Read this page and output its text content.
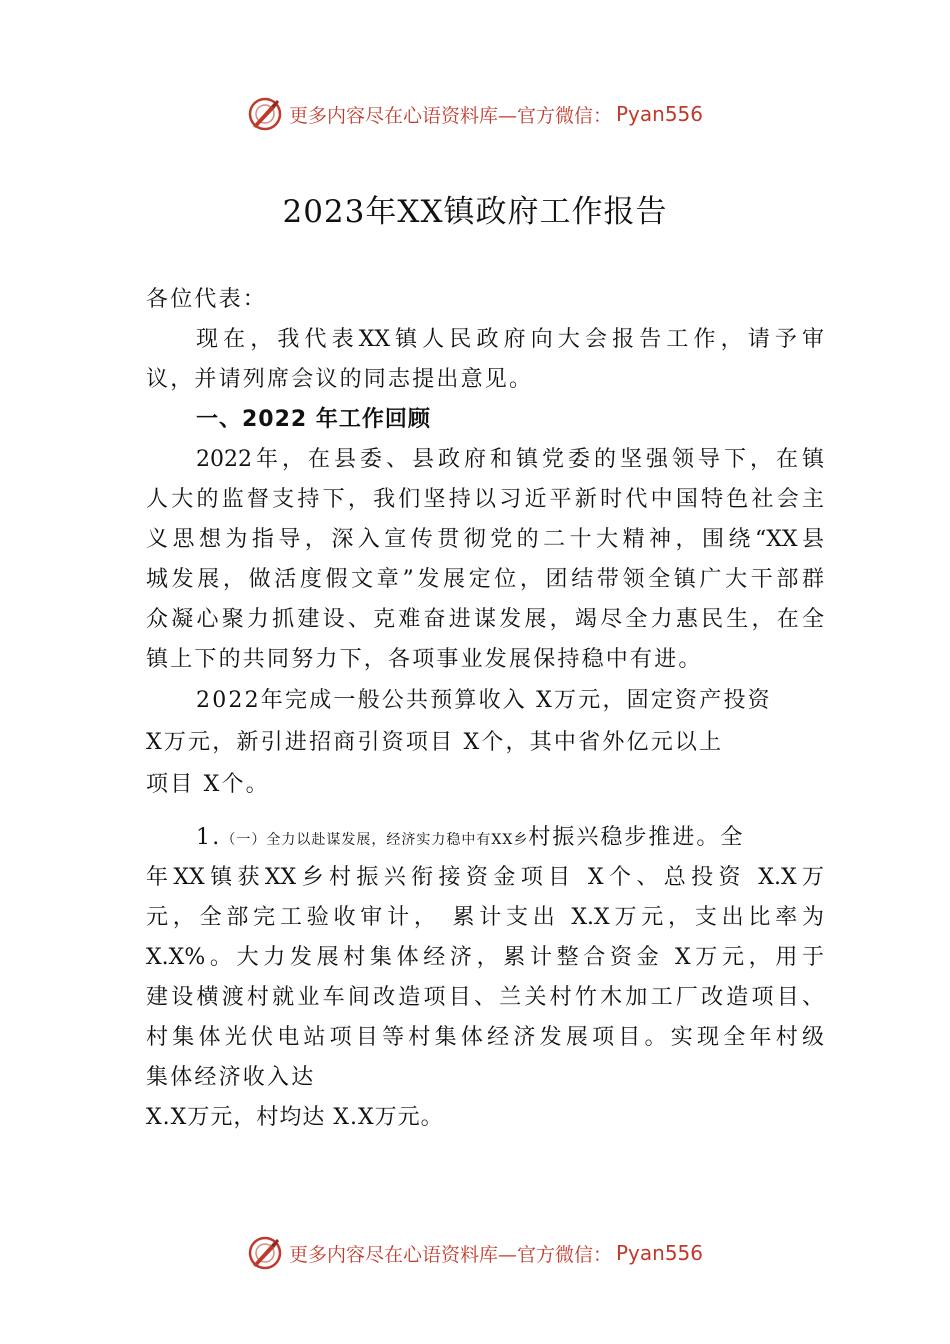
更多内容尽在心语资料库—官方微信： Pyan556
2023年XX镇政府工作报告
各位代表：
现在，我代表XX镇人民政府向大会报告工作，请予审
议，并请列席会议的同志提出意见。
一、2022 年工作回顾
2022年，在县委、县政府和镇党委的坚强领导下，在镇
人大的监督支持下，我们坚持以习近平新时代中国特色社会主
义思想为指导，深入宣传贯彻党的二十大精神，围绕“XX县
城发展，做活度假文章”发展定位，团结带领全镇广大干部群
众凝心聚力抓建设、克难奋进谋发展，竭尽全力惠民生，在全
镇上下的共同努力下，各项事业发展保持稳中有进。
2022年完成一般公共预算收入 X万元，固定资产投资
X万元，新引进招商引资项目 X个，其中省外亿元以上
项目 X个。
1.（一）全力以赴谋发展，经济实力稳中有XX乡村振兴稳步推进。全
年XX镇获XX乡村振兴衔接资金项目 X个、总投资 X.X万
元，全部完工验收审计， 累计支出 X.X万元，支出比率为
X.X%。大力发展村集体经济，累计整合资金 X万元，用于
建设横渡村就业车间改造项目、兰关村竹木加工厂改造项目、
村集体光伏电站项目等村集体经济发展项目。实现全年村级
集体经济收入达
X.X万元，村均达 X.X万元。
更多内容尽在心语资料库—官方微信： Pyan556
